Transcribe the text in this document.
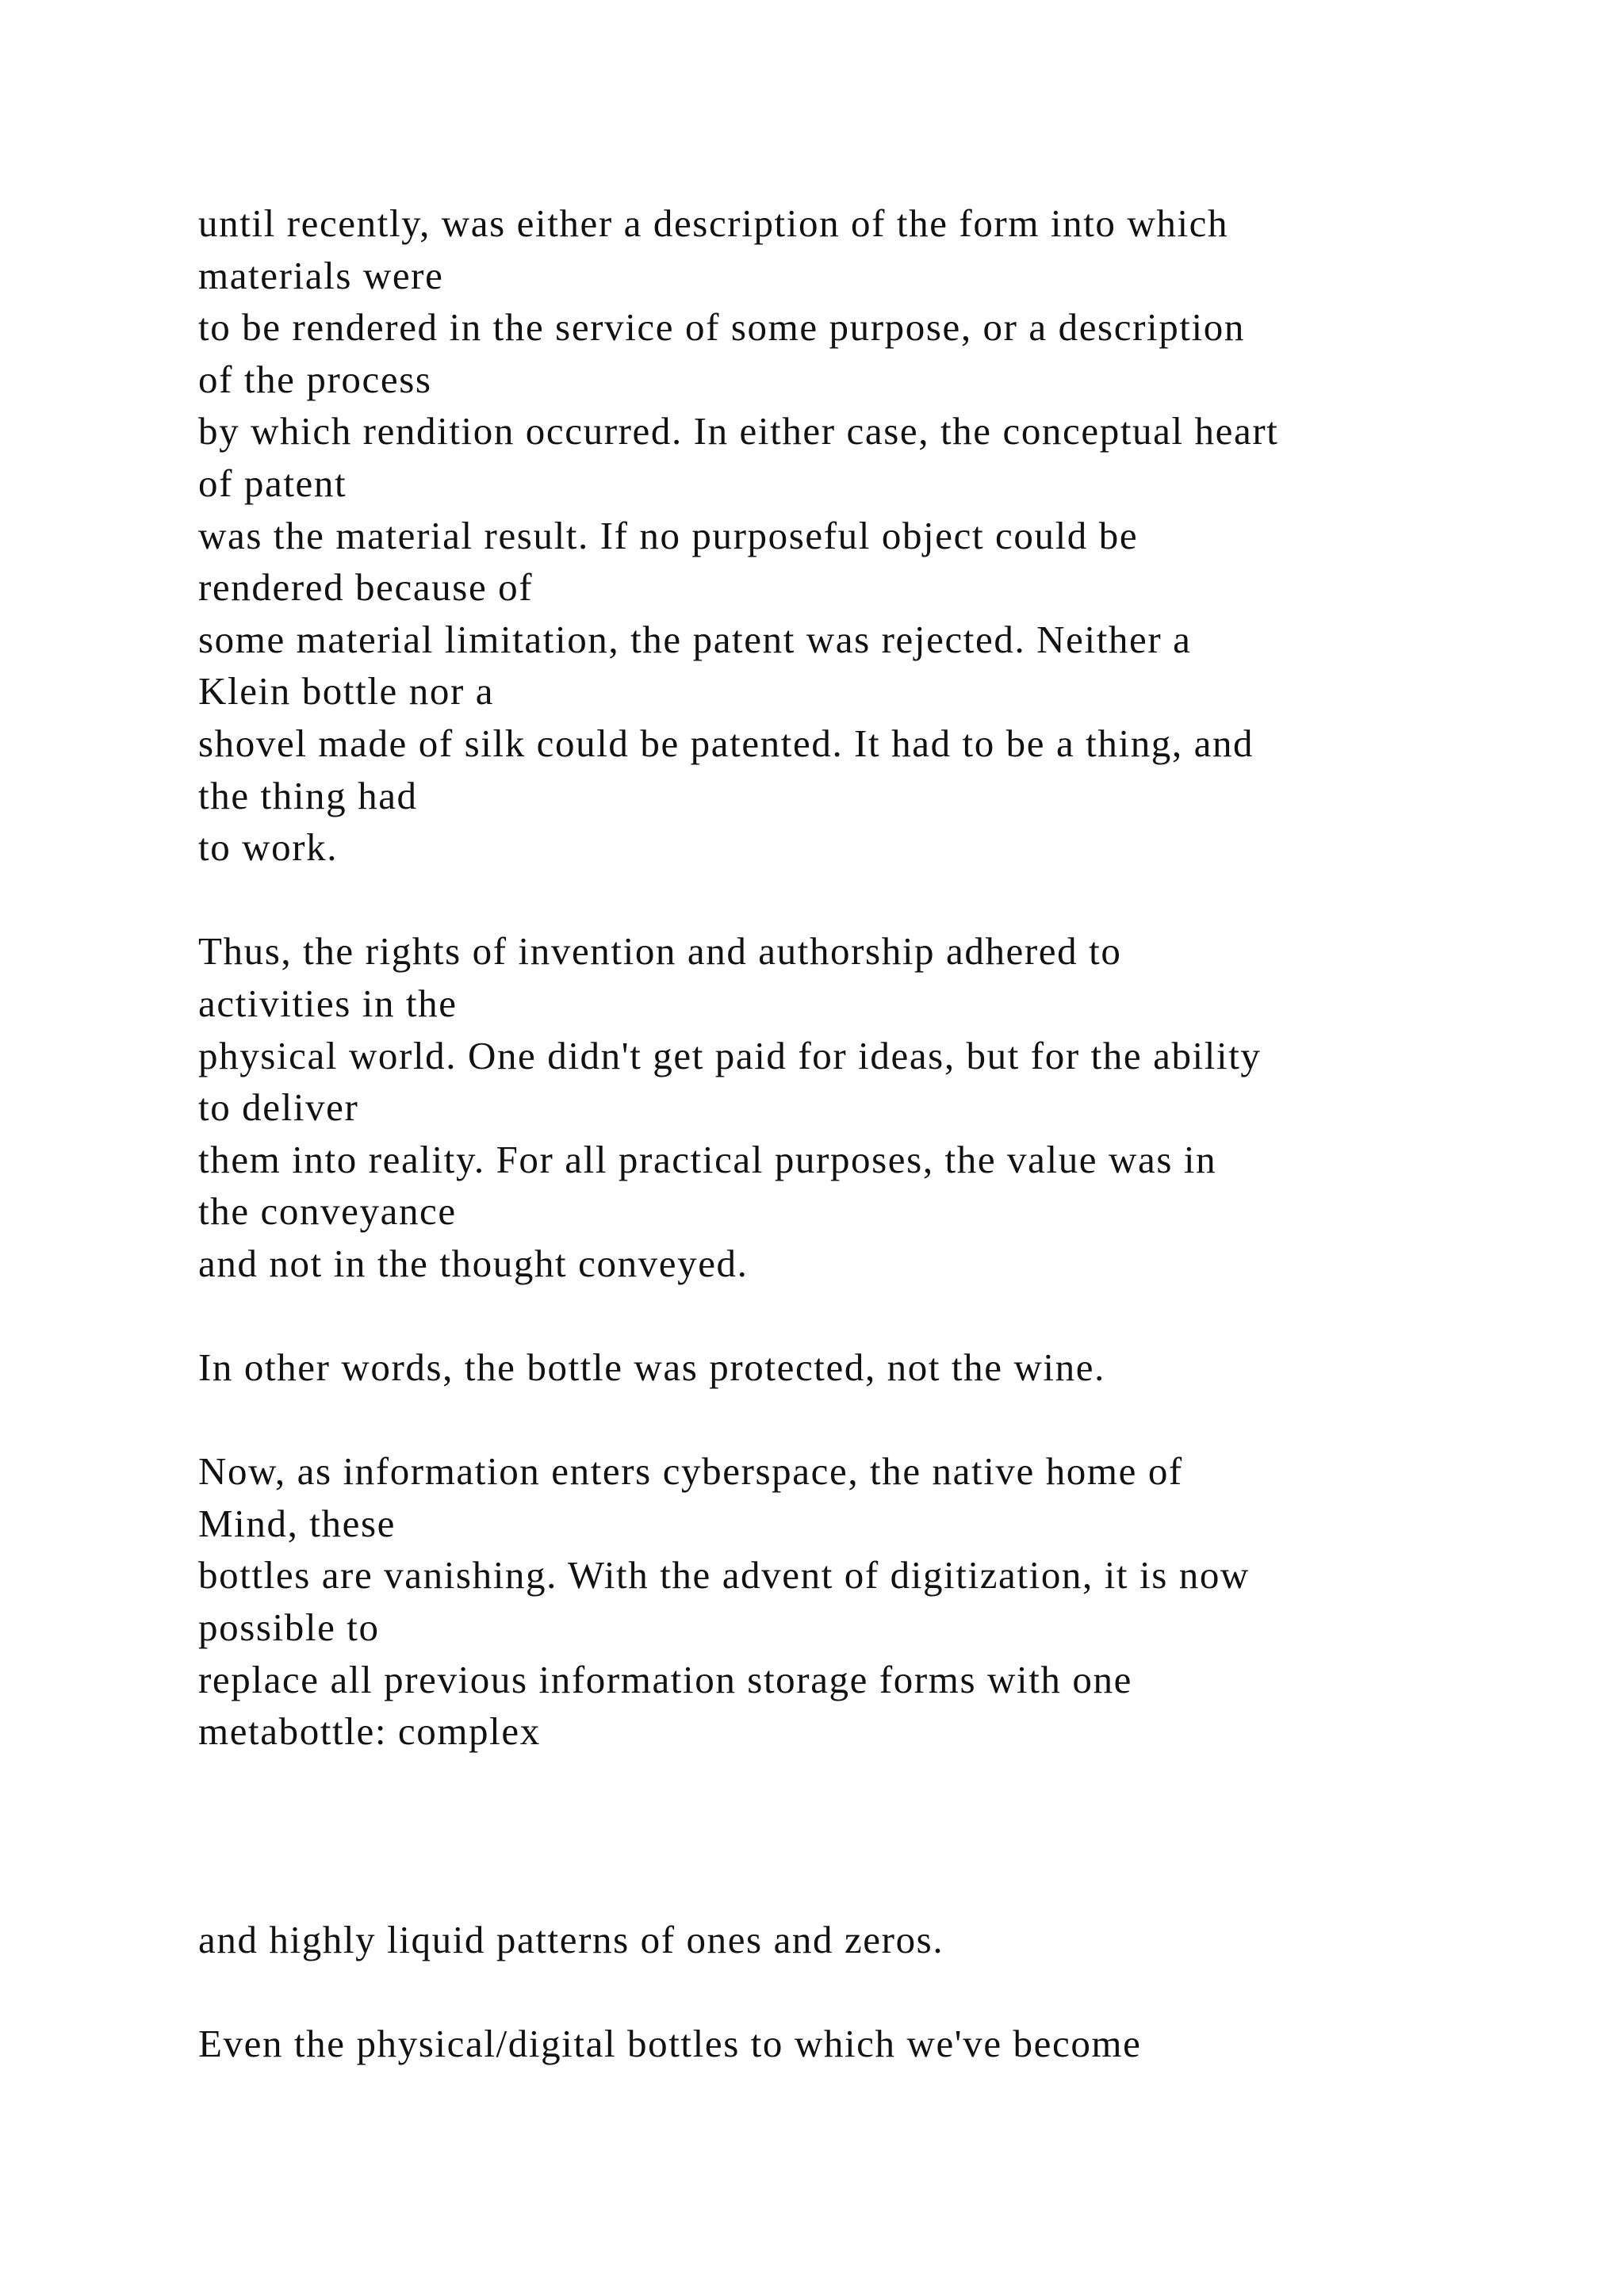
until recently, was either a description of the form into which
materials were
to be rendered in the service of some purpose, or a description
of the process
by which rendition occurred. In either case, the conceptual heart
of patent
was the material result. If no purposeful object could be
rendered because of
some material limitation, the patent was rejected. Neither a
Klein bottle nor a
shovel made of silk could be patented. It had to be a thing, and
the thing had
to work.
Thus, the rights of invention and authorship adhered to
activities in the
physical world. One didn't get paid for ideas, but for the ability
to deliver
them into reality. For all practical purposes, the value was in
the conveyance
and not in the thought conveyed.
In other words, the bottle was protected, not the wine.
Now, as information enters cyberspace, the native home of
Mind, these
bottles are vanishing. With the advent of digitization, it is now
possible to
replace all previous information storage forms with one
metabottle: complex
and highly liquid patterns of ones and zeros.
Even the physical/digital bottles to which we've become
